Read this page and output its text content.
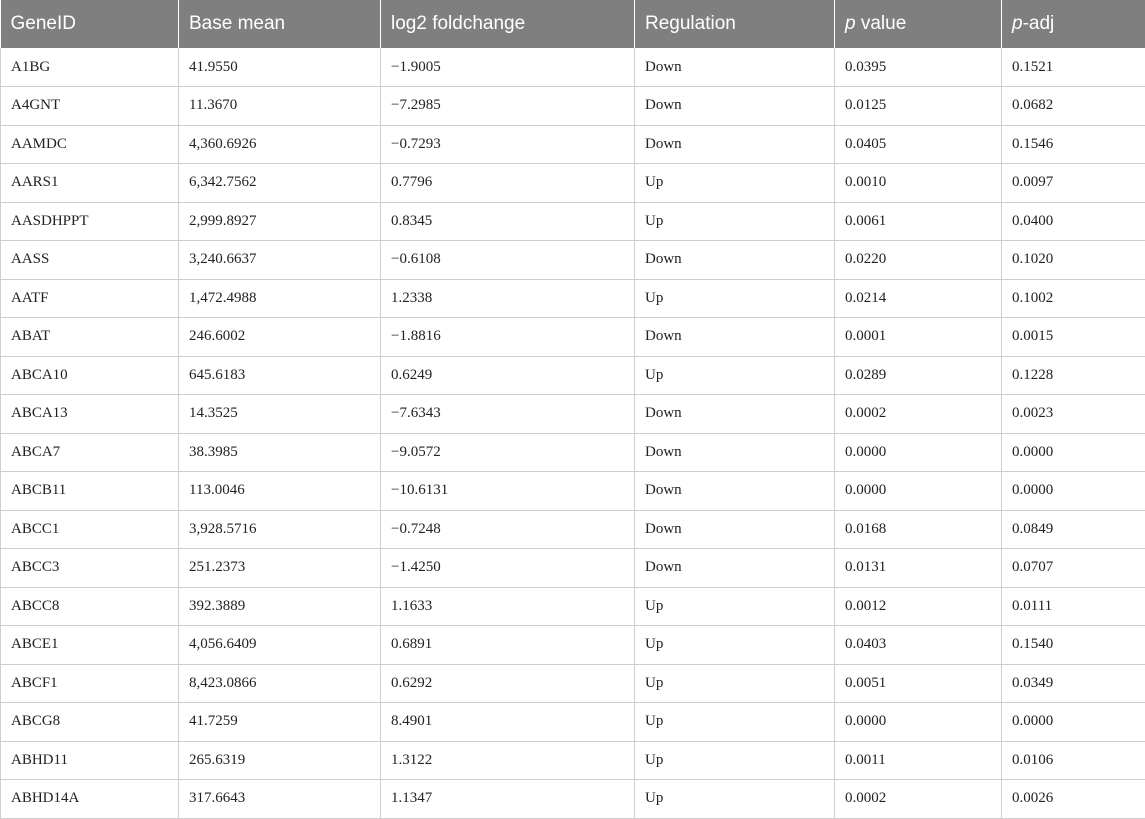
GeneID	Base mean	log2 foldchange	Regulation	p value	p-adj
A1BG	41.9550	−1.9005	Down	0.0395	0.1521
A4GNT	11.3670	−7.2985	Down	0.0125	0.0682
AAMDC	4,360.6926	−0.7293	Down	0.0405	0.1546
AARS1	6,342.7562	0.7796	Up	0.0010	0.0097
AASDHPPT	2,999.8927	0.8345	Up	0.0061	0.0400
AASS	3,240.6637	−0.6108	Down	0.0220	0.1020
AATF	1,472.4988	1.2338	Up	0.0214	0.1002
ABAT	246.6002	−1.8816	Down	0.0001	0.0015
ABCA10	645.6183	0.6249	Up	0.0289	0.1228
ABCA13	14.3525	−7.6343	Down	0.0002	0.0023
ABCA7	38.3985	−9.0572	Down	0.0000	0.0000
ABCB11	113.0046	−10.6131	Down	0.0000	0.0000
ABCC1	3,928.5716	−0.7248	Down	0.0168	0.0849
ABCC3	251.2373	−1.4250	Down	0.0131	0.0707
ABCC8	392.3889	1.1633	Up	0.0012	0.0111
ABCE1	4,056.6409	0.6891	Up	0.0403	0.1540
ABCF1	8,423.0866	0.6292	Up	0.0051	0.0349
ABCG8	41.7259	8.4901	Up	0.0000	0.0000
ABHD11	265.6319	1.3122	Up	0.0011	0.0106
ABHD14A	317.6643	1.1347	Up	0.0002	0.0026
